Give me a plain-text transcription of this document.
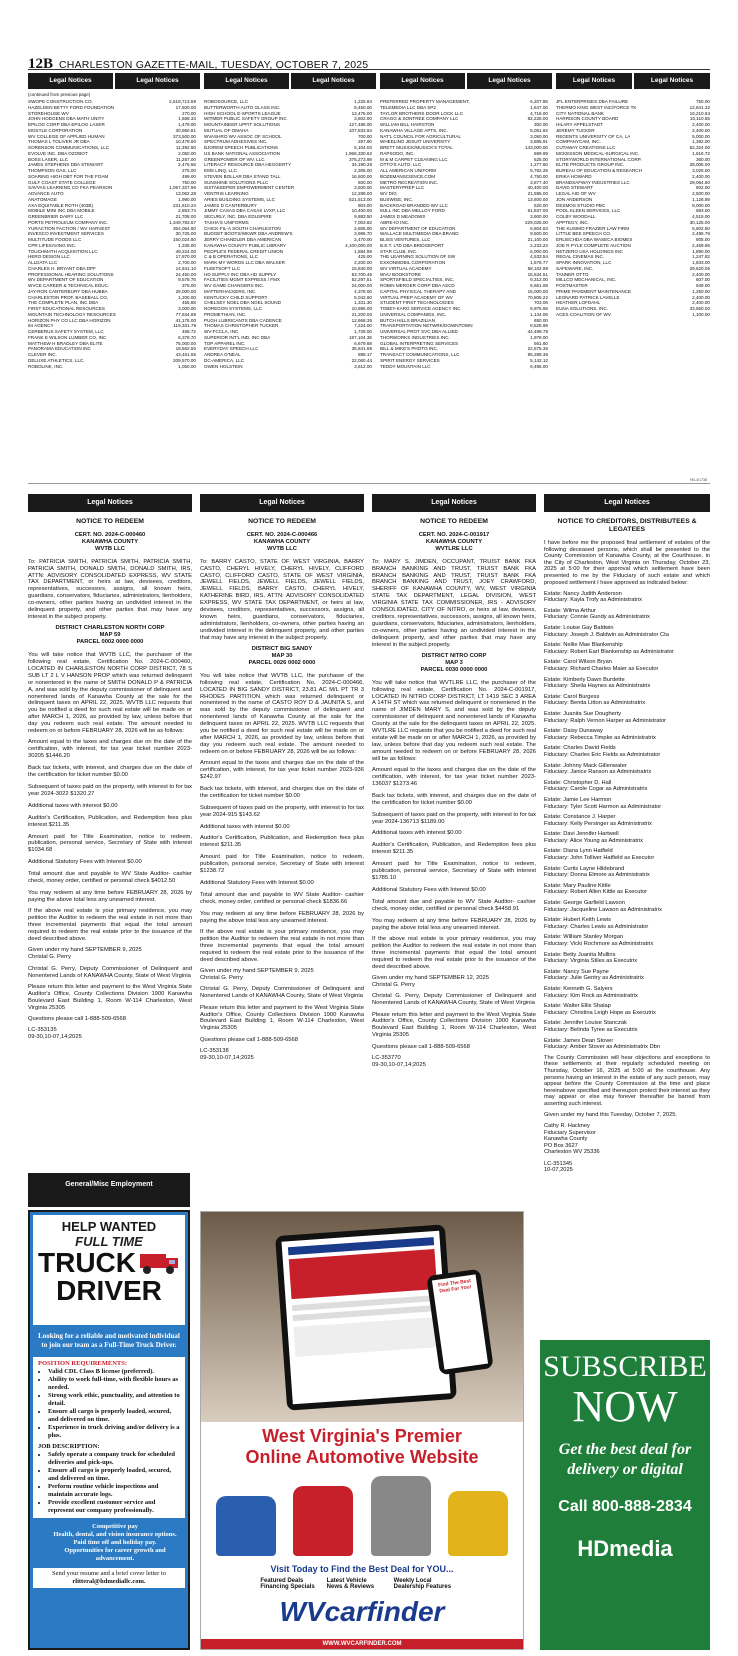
12B CHARLESTON GAZETTE-MAIL, TUESDAY, OCTOBER 7, 2025
Legal Notices	Legal Notices	Legal Notices	Legal Notices	Legal Notices	Legal Notices	Legal Notices	Legal Notices
(continued from previous page)
SWOPE CONSTRUCTION CO.	2,518,713.59
HAZELDEN BETTY FORD FOUNDATION	17,500.00
STOREHOUSE WV	270.00
JOHN HODGENS DBA MATH UNITY	1,668.33
EPILOG CORP DBA EPILOG LASER	1,479.00
MOSYLE CORPORATION	30,960.81
WV COLLEGE OF APPLIED HUMAN	373,500.00
THOMAS L TOLIVER JR DBA	10,478.60
SORENSON COMMUNICATIONS, LLC	11,392.50
EVOLVE INC. DBA OZOBOT	2,050.00
BOSS LASER, LLC	11,287.00
JAMES STEPHENS DBA STEWART	2,476.56
THOMPSON GAS, LLC	275.00
SOARING HIGH DBT FOR THE FOAM	499.00
GULF COAST STATE COLLEGE	750.00
SAVVAS LEARNING CO FKA PEARSON	1,057,327.96
ADVANCE AUTO	13,062.28
ANATOMAGE	1,990.00
AXA EQUITABLE ROTH (403B)	231,610.24
MOBILE MINI INC DBA MOBILE	2,853.74
GREENBRIER DAIRY LLC	21,708.00
PORTS PETROLEUM COMPANY INC.	1,349,783.57
YURACTION FACTION / WV HARVEST	364,064.50
INVESCO INVESTMENT SERVICES	30,725.00
MULTITUDE FOODS LLC	150,024.50
CPR LIFESAVING INC.	1,335.00
TOUCHMATH ACQUISITION LLC	49,224.00
HERO DESIGN LLC	17,870.00
ALLDATA LLC	2,700.00
CHARLES H. BRYANT DBA DPF	14,641.10
PROFESSIONAL HEARING SOLUTIONS	24,450.00
WV DEPARTMENT OF EDUCATION	9,578.75
WVCE CAREER & TECHNICAL EDUC.	375.00
JAY-RON CANTERBURY DBA HUBBA	28,000.00
CHARLESTON PROF. BASEBALL CO,	1,200.00
THE COMPLETE PLAN, INC DBA	455.88
FIRST EDUCATIONAL RESOURCES	3,000.00
MOUNTAIN TECHNOLOGY RESOURCES	77,844.69
HORIZON PHY CO LLC DBA HORIZON	41,175.00
84 AGENCY	119,331.79
CERBERUS SAFETY SYSTEM, LLC	458.72
FRANK E WILSON LUMBER CO, INC	6,378.70
MATTHEW H BRADLEY DBA ELITE	75,000.00
PANORAMA EDUCATION INC	18,562.50
CLEVER INC.	43,461.65
DELUXE ATHLETICS, LLC.	209,570.00
ROBOLINK, INC.	1,050.00
ROBOSOURCE, LLC	1,225.84
BUTTERWORTH AUTO GLASS INC.	8,450.00
HIGH SCHOOL E-SPORTS LEAGUE	13,475.00
WITMER PUBLIC SAFETY GROUP INC	3,802.00
MOUNTAINEER UPFIT SOLUTIONS	127,486.00
MUTUAL OF OMAHA	107,833.94
WVASHRO WV ASSOC OF SCHOOL	700.00
SPECTRUM ADHESIVES INC.	297.90
BJOREM SPEECH PUBLICATIONS	5,104.03
US BANK NATIONAL ASSOCIATION	1,966,330.62
GREENPOWER OF WV, LLC	375,273.98
LITERACY RESOURCE DBA HEGGERTY	34,190.28
EMS LINQ, LLC	2,305.00
STEVEN BOLLAR DBA STAND TALL	16,500.00
SUNSHINE SOLUTIONS PLLC	600.00
SISTAKEEPER EMPOWERMENT CENTER	3,500.00
VENTRIS LEARNING	12,289.00
ARIES BUILDING SYSTEMS, LLC	521,513.00
JAMES D CANTERBURY	903.00
JIMMY CASAS DBA CASAS LVXP, LLC	10,400.00
SECURLY, INC. DBA EDUSPIRE	9,883.50
TASHA'S UNIFORMS	7,003.82
CHICK-FIL-A SOUTH CHARLESTON	2,805.00
BUDGET BOOTS/WKWR DBA ANDREW'S	3,986.70
JERRY CHANDLER DBA AMERICAN	2,470.00
KANAWHA COUNTY PUBLIC LIBRARY	4,100,000.00
PEOPLE'S FEDERAL CREDIT UNION	1,884.59
C & B OPERATIONS, LLC	425.00
MARK MY WORDS LLC DBA WALKER	2,200.00
FLEETSOFT LLC	15,840.00
HD SUPPLY INC DBA HD SUPPLY	53,700.46
FACILITIES MGMT EXPRESS / FMX	52,297.51
WV GAME CHANGERS INC.	24,000.00
MATTERHACKERS, INC.	4,378.00
KENTUCKY CHILD SUPPORT	5,042.60
CHELSEY NOEL DBA NOEL SOUND	1,331.30
NOREGON SYSTEMS, LLC	10,995.00
PROMETHIAN, INC.	21,200.00
PUGH LUBRICANTS DBA CADENCE	12,668.35
THOMAS CHRISTOPHER TUCKER	7,224.00
WV-FCCLA, INC.	1,728.00
SUPERIOR INT'L IND. INC DBA	197,104.36
TOP APPAREL INC.	6,679.68
EVERYDAY SPEECH LLC	35,841.69
ANDREA O'NEAL	888.17
DC-AMERICA, LLC	22,060.44
OWEN HOLSTEIN	3,612.00
PREFERRED PROPERTY MANAGEMENT,	5,207.86
TELEMEDIA LLC DBA SP2	1,647.00
TAYLOR BROTHERS DOOR LOCK LLC	4,716.00
CRAGG & SONTREE COMPANY LLC	82,225.00
WILLIAM BILL HAIRSTON	300.00
KANAWHA VILLAGE APTS, INC.	5,061.92
NAT'L COUNCIL FOR AGRICULTURAL	3,050.00
WHEELING JESUIT UNIVERSITY	3,885.91
BRETT MUSICK/MUSICK'S TOTAL	143,000.00
RAPSODO, INC.	699.99
M & M CARPET CLEANING LLC	525.00
OTTO'S AUTO, LLC	1,277.80
ALL AMERICAN UNIFORM	5,762.25
BOZEMANSCIENCE.COM	4,750.00
METRO RECREATION INC.	3,877.40
MASTERYPREP LLC	40,400.00
WV DIG	21,595.00
BUSWISE, INC.	13,600.00
BACKROAD BRANDED WV LLC	520.00
MJLL INC DBA MELLOY FORD	61,837.00
JAMES D MEADOWS	3,900.00
ABRE-IO INC.	229,025.00
WV DEPARTMENT OF EDUCATION	6,804.53
WALLACE MULTIMEDIA DBA BRAND	9,500.00
BLISS VENTURES, LLC	21,100.00
B.E.T. LTD DBA BRIDGEPORT	2,233.23
STAR CLUB, INC.	5,000.00
THE LEARNING SOLUTION OF SW	4,533.54
EXXONMOBIL CORPORATION	1,678.77
WV VIRTUAL ACADEMY	58,102.99
WVU BOOKSTORE	15,534.51
SPORTSFIELD SPECIALTIES, INC.	6,312.00
ROBIN MERGER CORP DBA ASCD	6,661.08
CAPITAL PHYSICAL THERAPY AND	15,000.00
VIRTUAL PREP ACADEMY OF WV	70,805.22
STUDENT FIRST TECHNOLOGIES	703.06
TOBEY-KARG SERVICE AGENCY INC	6,975.66
UNIVERSAL COMPANIES, INC.	1,134.06
BUTCH HILLS BRAZILIAN	650.00
TRANSPORTATION NETWRK/DOWNTOWN	8,528.99
UNIVERSAL PROT SVC DBA ALLIED	44,499.78
THORWORKS INDUSTRIES INC.	1,978.00
GLOBAL INTERPRETING SERVICES	561.60
BILL & MIKE'S PHOTO INC.	22,575.36
TRANSACT COMMUNICATIONS, LLC	85,288.36
SPIRIT ENERGY SERVICES	5,142.12
TEDDY MOUNTAIN LLC	6,495.00
JFL ENTERPRISES DBA FAILURE	750.00
THERMO KING WEST INC/FORCE TK	12,641.32
CITY NATIONAL BANK	16,210.63
HARRISON COUNTY BOARD	10,110.55
HILARY APPELSTADT	2,400.00
JEREMY TUCKER	2,400.00
REGENTS UNIVERSITY OF CA, LA	5,000.00
COMPANYCAM, INC.	1,392.00
CUTAWAY CREATIONS LLC	52,324.00
MCKESSON MEDICAL-SURGICAL INC.	1,616.72
STORYWORLD INTERNATIONAL CORP.	360.00
ELITE PRODUCTS GROUP INC.	28,005.00
BUREAU OF EDUCATION & RESEARCH	3,025.00
ERIKA HOWARD	2,400.00
BRANDSAFWAY INDUSTRIES LLC	29,064.60
DAVID STEWART	602.00
LEGAL AID OF WV	2,500.00
JON ANDERSON	1,128.89
DESMOS STUDIO PBC	8,000.00
POOL KLEEN SERVICES, LLC	683.00
COLBY WOODALL	4,515.00
APPTEGY, INC.	30,125.00
THE KUSIMO FRAZIER LAW FIRM	5,802.50
LITTLE BEE SPEECH CO.	2,495.79
ERLIECHDA DBA WASECA BIOMES	805.00
JOE R PYLE COMPLETE AUCTION	2,459.56
NETZERO USA HOLDINGS INC	1,890.00
REGAL CINEMAS INC.	1,247.82
SPARK INNOVATION, LLC	1,833.00
SAFEWARE, INC.	29,620.05
TANNER OTTO	2,400.00
MILLCO MECHANICAL, INC.	607.00
POSTMASTER	949.00
PRIME PAVEMENT MAINTENANCE	1,250.00
LEONARD PATRICK LAVELLE	2,400.00
HEATHER LOFDAHL	2,400.00
EUNA SOLUTIONS, INC.	33,550.00
ACES COALITION OF WV	1,100.00
HD-4I1738
Legal Notices
NOTICE TO REDEEM
CERT. NO. 2024-C-000460
KANAWHA COUNTY
WVTB LLC

To: PATRICIA SMITH, PATRICIA SMITH, PATRICIA SMITH, PATRICIA SMITH, DONALD SMITH, DONALD SMITH, IRS, ATTN: ADVISORY CONSOLIDATED EXPRESS, WV STATE TAX DEPARTMENT, or heirs at law, devisees, creditors, representatives, successors, assigns, all known heirs, guardians, conservators, fiduciaries, administrators, lienholders, co-owners, other parties having an undivided interest in the delinquent property, and other parties that may have any interest in the subject property.

DISTRICT CHARLESTON NORTH CORP
MAP 59
PARCEL 0002 0000 0000

You will take notice that WVTB LLC, the purchaser of the following real estate, Certification No. 2024-C-000460, LOCATED IN CHARLESTON NORTH CORP DISTRICT, 78 S SUB LT 2 L V HANSON PROP which was returned delinquent or nonentered in the name of SMITH DONALD P & PATRICIA A, and was sold by the deputy commissioner of delinquent and nonentered lands of Kanawha County at the sale for the delinquent taxes on APRIL 22, 2025. WVTB LLC requests that you be notified a deed for such real estate will be made on or after MARCH 1, 2026, as provided by law, unless before that day you redeem such real estate. The amount needed to redeem on or before FEBRUARY 28, 2026 will be as follows:

Amount equal to the taxes and charges due on the date of the certification, with interest, for tax year ticket number 2023-30205 $1446.20

Back tax tickets, with interest, and charges due on the date of the certification for ticket number $0.00

Subsequent of taxes paid on the property, with interest to for tax year 2024-3022 $1320.27

Additional taxes with interest $0.00

Auditor's Certification, Publication, and Redemption fees plus interest $211.35

Amount paid for Title Examination, notice to redeem, publication, personal service, Secretary of State with interest $1034.68

Additional Statutory Fees with Interest $0.00

Total amount due and payable to WV State Auditor- cashier check, money order, certified or personal check $4012.50

You may redeem at any time before FEBRUARY 28, 2026 by paying the above total less any unearned interest.

If the above real estate is your primary residence, you may petition the Auditor to redeem the real estate in not more than three incremental payments that equal the total amount required to redeem the real estate prior to the issuance of the deed described above.

Given under my hand SEPTEMBER 9, 2025
Christal G. Perry

Christal G. Perry, Deputy Commissioner of Delinquent and Nonentered Lands of KANAWHA County, State of West Virginia

Please return this letter and payment to the West Virginia State Auditor's Office, County Collections Division 1900 Kanawha Boulevard East Building 1, Room W-114 Charleston, West Virginia 25305

Questions please call 1-888-509-6568

LC-353135
09-30,10-07,14;2025

Legal Notices
NOTICE TO REDEEM
CERT. NO. 2024-C-000466
KANAWHA COUNTY
WVTB LLC

To: BARRY CASTO, STATE OF WEST VIRGINIA, BARRY CASTO, CHERYL HIVELY, CHERYL HIVELY, CLIFFORD CASTO, CLIFFORD CASTO, STATE OF WEST VIRGINIA, JEWELL FIELDS, JEWELL FIELDS, JEWELL FIELDS, JEWELL FIELDS, BARRY CASTO, CHERYL HIVELY, KATHERINE BIRD, IRS, ATTN: ADVISORY CONSOLIDATED EXPRESS, WV STATE TAX DEPARTMENT, or heirs at law, devisees, creditors, representatives, successors, assigns, all known heirs, guardians, conservators, fiduciaries, administrators, lienholders, co-owners, other parties having an undivided interest in the delinquent property, and other parties that may have any interest in the subject property.

DISTRICT BIG SANDY
MAP 30
PARCEL 0026 0002 0000

You will take notice that WVTB LLC, the purchaser of the following real estate, Certification No. 2024-C-000466, LOCATED IN BIG SANDY DISTRICT, 23.81 AC M/L PT TR 3 RHODES PARTITION which was returned delinquent or nonentered in the name of CASTO ROY D & JAUNITA S, and was sold by the deputy commissioner of delinquent and nonentered lands of Kanawha County at the sale for the delinquent taxes on APRIL 22, 2025. WVTB LLC requests that you be notified a deed for such real estate will be made on or after MARCH 1, 2026, as provided by law, unless before that day you redeem such real estate. The amount needed to redeem on or before FEBRUARY 28, 2026 will be as follows:

Amount equal to the taxes and charges due on the date of the certification, with interest, for tax year ticket number 2023-936 $242.97

Back tax tickets, with interest, and charges due on the date of the certification for ticket number $0.00

Subsequent of taxes paid on the property, with interest to for tax year 2024-915 $143.62

Additional taxes with interest $0.00

Auditor's Certification, Publication, and Redemption fees plus interest $211.35

Amount paid for Title Examination, notice to redeem, publication, personal service, Secretary of State with interest $1238.72

Additional Statutory Fees with Interest $0.00

Total amount due and payable to WV State Auditor- cashier check, money order, certified or personal check $1836.66

You may redeem at any time before FEBRUARY 28, 2026 by paying the above total less any unearned interest.

If the above real estate is your primary residence, you may petition the Auditor to redeem the real estate in not more than three incremental payments that equal the total amount required to redeem the real estate prior to the issuance of the deed described above.

Given under my hand SEPTEMBER 9, 2025
Christal G. Perry

Christal G. Perry, Deputy Commissioner of Delinquent and Nonentered Lands of KANAWHA County, State of West Virginia

Please return this letter and payment to the West Virginia State Auditor's Office, County Collections Division 1900 Kanawha Boulevard East Building 1, Room W-114 Charleston, West Virginia 25305

Questions please call 1-888-509-6568

LC-353138
09-30,10-07,14;2025

Legal Notices
NOTICE TO REDEEM
CERT. NO. 2024-C-001917
KANAWHA COUNTY
WVTLRE LLC

To: MARY S. JIMDEN, OCCUPANT, TRUIST BANK FKA BRANCH BANKING AND TRUST, TRUIST BANK FKA BRANCH BANKING AND TRUST, TRUIST BANK FKA BRANCH BANKING AND TRUST, JOEY CRAWFORD, SHERIFF OF KANAWHA COUNTY, WV, WEST VIRGINIA STATE TAX DEPARTMENT, LEGAL DIVISION, WEST VIRGINIA STATE TAX COMMISSIONER, IRS - ADVISORY CONSOLIDATED, CITY OF NITRO, or heirs at law, devisees, creditors, representatives, successors, assigns, all known heirs, guardians, conservators, fiduciaries, administrators, lienholders, co-owners, other parties having an undivided interest in the delinquent property, and other parties that may have any interest in the subject property.

DISTRICT NITRO CORP
MAP 3
PARCEL 0030 0000 0000

You will take notice that WVTLRE LLC, the purchaser of the following real estate, Certification No. 2024-C-001917, LOCATED IN NITRO CORP DISTRICT, LT 1419 SEC 3 AREA A 14TH ST which was returned delinquent or nonentered in the name of JIMDEN MARY S, and was sold by the deputy commissioner of delinquent and nonentered lands of Kanawha County at the sale for the delinquent taxes on APRIL 22, 2025. WVTLRE LLC requests that you be notified a deed for such real estate will be made on or after MARCH 1, 2026, as provided by law, unless before that day you redeem such real estate. The amount needed to redeem on or before FEBRUARY 28, 2026 will be as follows:

Amount equal to the taxes and charges due on the date of the certification, with interest, for tax year ticket number 2023-136037 $1273.46

Back tax tickets, with interest, and charges due on the date of the certification for ticket number $0.00

Subsequent of taxes paid on the property, with interest to for tax year 2024-136713 $1189.00

Additional taxes with interest $0.00

Auditor's Certification, Publication, and Redemption fees plus interest $211.35

Amount paid for Title Examination, notice to redeem, publication, personal service, Secretary of State with interest $1785.10

Additional Statutory Fees with Interest $0.00

Total amount due and payable to WV State Auditor- cashier check, money order, certified or personal check $4458.91

You may redeem at any time before FEBRUARY 28, 2026 by paying the above total less any unearned interest.

If the above real estate is your primary residence, you may petition the Auditor to redeem the real estate in not more than three incremental payments that equal the total amount required to redeem the real estate prior to the issuance of the deed described above.

Given under my hand SEPTEMBER 12, 2025
Christal G. Perry

Christal G. Perry, Deputy Commissioner of Delinquent and Nonentered Lands of KANAWHA County, State of West Virginia

Please return this letter and payment to the West Virginia State Auditor's Office, County Collections Division 1900 Kanawha Boulevard East Building 1, Room W-114 Charleston, West Virginia 25305

Questions please call 1-888-509-6568

LC-353770
09-30,10-07,14;2025

Legal Notices
NOTICE TO CREDITORS, DISTRIBUTEES & LEGATEES

I have before me the proposed final settlement of estates of the following deceased persons, which shall be presented to the County Commission of Kanawha County, at the Courthouse, in the City of Charleston, West Virginia on Thursday, October 23, 2025 at 5:00 for their approval which settlement have been presented to me by the Fiduciary of such estate and which proposed settlement I have approved as indicated below:

Estate: Nancy Judith Anderson
Fiduciary: Kayla Trofy as Administratrix

Estate: Wilma Arthur
Fiduciary: Connie Gundy as Administratrix

Estate: Louise Gay Baldwin
Fiduciary: Joseph J. Baldwin as Administrator Cta

Estate: Nellie Mae Blankenship
Fiduciary: Robert Earl Blankenship as Administrator

Estate: Carol Wilson Bryan
Fiduciary: Richard Charles Maier as Executor

Estate: Kimberly Dawn Burdette
Fiduciary: Sheila Haynes as Administratrix

Estate: Carol Burgess
Fiduciary: Benita Litton as Administratrix

Estate: Juanita Sue Dougherty
Fiduciary: Ralph Vernon Harper as Administrator

Estate: Daisy Dunaway
Fiduciary: Rebecca Timpke as Administratrix

Estate: Charles David Fields
Fiduciary: Charles Eric Fields as Administrator

Estate: Johnny Mack Gillenwater
Fiduciary: Janice Ranson as Administratrix

Estate: Christopher D. Hall
Fiduciary: Carole Cogar as Administratrix

Estate: Jamie Lee Harmon
Fiduciary: Tyler Scott Harmon as Administrator

Estate: Constance J. Harper
Fiduciary: Kelly Persinger as Administratrix

Estate: Davi Jennifer Hartwell
Fiduciary: Alice Young as Administratrix

Estate: Diana Lynn Hatfield
Fiduciary: John Tolliver Hatfield as Executor

Estate: Curtis Layne Hildebrand
Fiduciary: Donna Elmore as Administratrix

Estate: Mary Pauline Kittle
Fiduciary: Robert Allen Kittle as Executor

Estate: George Garfield Lawson
Fiduciary: Jacqueline Lawson as Administratrix

Estate: Hubert Keith Lewis
Fiduciary: Charles Lewis as Administrator

Estate: William Stanley Morgan
Fiduciary: Vicki Rochmore as Administratrix

Estate: Betty Juanita Mullins
Fiduciary: Virginia Stiles as Executrix

Estate: Nancy Sue Payne
Fiduciary: Julie Gentry as Administratrix

Estate: Kenneth G. Salyers
Fiduciary: Kim Rock as Administratrix

Estate: Walter Ellis Shalap
Fiduciary: Christina Leigh Hope as Executrix

Estate: Jennifer Louise Stanczak
Fiduciary: Belinda Tyree as Executrix

Estate: James Dean Stover
Fiduciary: Amber Stover as Administratrix Dbn

The County Commission will hear objections and exceptions to these settlements at their regularly scheduled meeting on Thursday, October 16, 2025 at 5:00 at the courthouse. Any persons having an interest in the estate of any such person, may appear before the County Commission at the time and place hereinabove specified and thereupon protect their interest as they may appear or else may forever thereafter be barred from asserting such interest.

Given under my hand this Tuesday, October 7, 2025.

Cathy R. Hackney
Fiduciary Supervisor
Kanawha County
PO Box 3627
Charleston WV 25336

LC-351345
10-07,2025

General/Misc Employment
HELP WANTED
FULL TIME
TRUCK
DRIVER
Looking for a reliable and motivated individual to join our team as a Full-Time Truck Driver.
POSITION REQUIREMENTS:
• Valid CDL Class B license (preferred).
• Ability to work full-time, with flexible hours as needed.
• Strong work ethic, punctuality, and attention to detail.
• Ensure all cargo is properly loaded, secured, and delivered on time.
• Experience in truck driving and/or delivery is a plus.
JOB DESCRIPTION:
• Safely operate a company truck for scheduled deliveries and pick-ups.
• Ensure all cargo is properly loaded, secured, and delivered on time.
• Perform routine vehicle inspections and maintain accurate logs.
• Provide excellent customer service and represent our company professionally.
Competitive pay
Health, dental, and vision insurance options.
Paid time off and holiday pay.
Opportunities for career growth and advancement.
Send your resume and a brief cover letter to
rlitteral@hdmediallc.com.
Find The Best Deal For You!
West Virginia's Premier
Online Automotive Website
Visit Today to Find the Best Deal for YOU...
Featured Deals
Financing Specials
Latest Vehicle News & Reviews
Weekly Local Dealership Features
WVcarfinder
WWW.WVCARFINDER.COM
SUBSCRIBE
NOW
Get the best deal for
delivery or digital
Call 800-888-2834
HDmedia
